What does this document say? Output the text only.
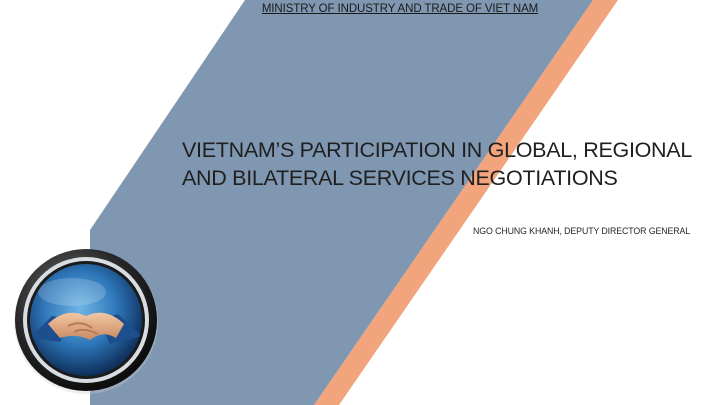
MINISTRY OF INDUSTRY AND TRADE OF VIET NAM
VIETNAM’S PARTICIPATION IN GLOBAL, REGIONAL
AND BILATERAL SERVICES NEGOTIATIONS
NGO CHUNG KHANH, DEPUTY DIRECTOR GENERAL
